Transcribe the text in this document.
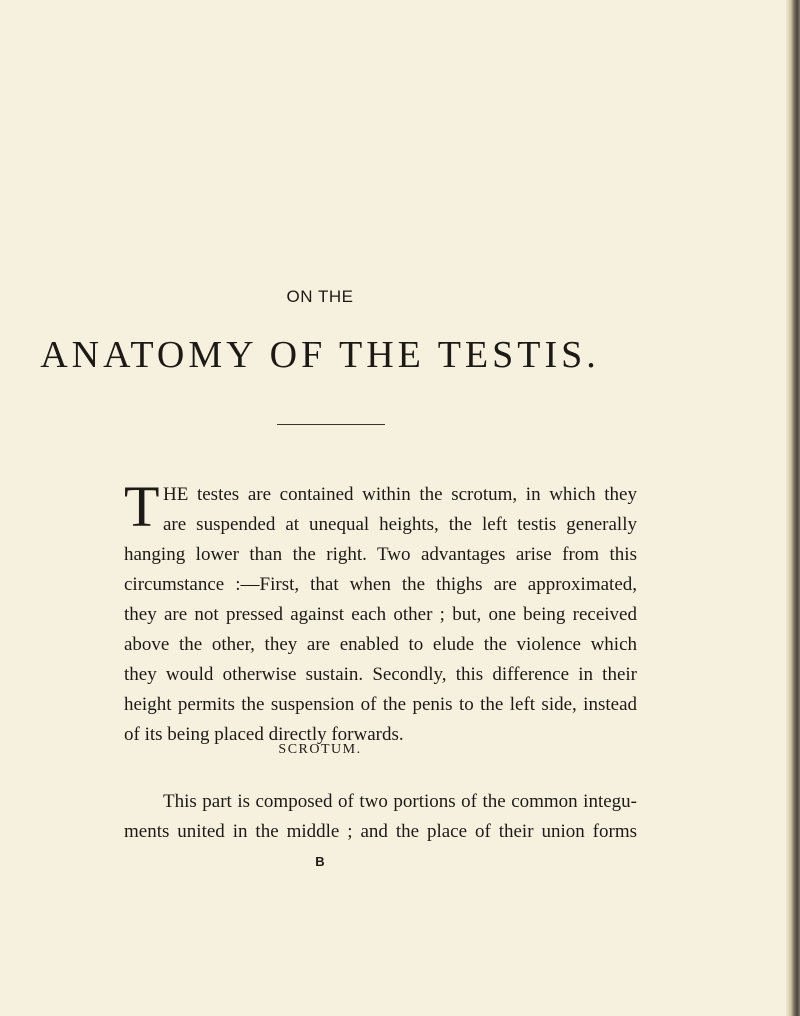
ON THE
ANATOMY OF THE TESTIS.
T HE testes are contained within the scrotum, in which they
are suspended at unequal heights, the left testis generally
hanging lower than the right. Two advantages arise from this
circumstance :—First, that when the thighs are approximated,
they are not pressed against each other ; but, one being received
above the other, they are enabled to elude the violence which
they would otherwise sustain. Secondly, this difference in their
height permits the suspension of the penis to the left side, instead
of its being placed directly forwards.
SCROTUM.
This part is composed of two portions of the common integu-
ments united in the middle ; and the place of their union forms
B
